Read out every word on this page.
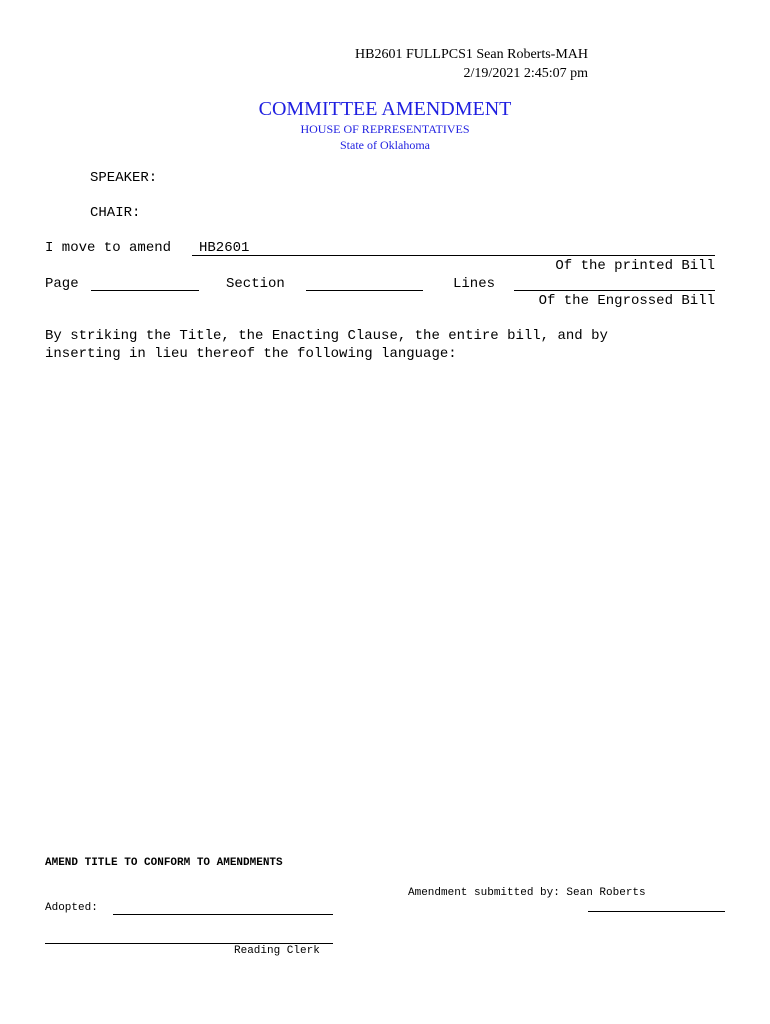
HB2601 FULLPCS1 Sean Roberts-MAH
2/19/2021 2:45:07 pm
COMMITTEE AMENDMENT
HOUSE OF REPRESENTATIVES
State of Oklahoma
SPEAKER:
CHAIR:
I move to amend HB2601
Of the printed Bill
Page	Section	Lines
Of the Engrossed Bill
By striking the Title, the Enacting Clause, the entire bill, and by
inserting in lieu thereof the following language:
AMEND TITLE TO CONFORM TO AMENDMENTS
Amendment submitted by: Sean Roberts
Adopted:
Reading Clerk
